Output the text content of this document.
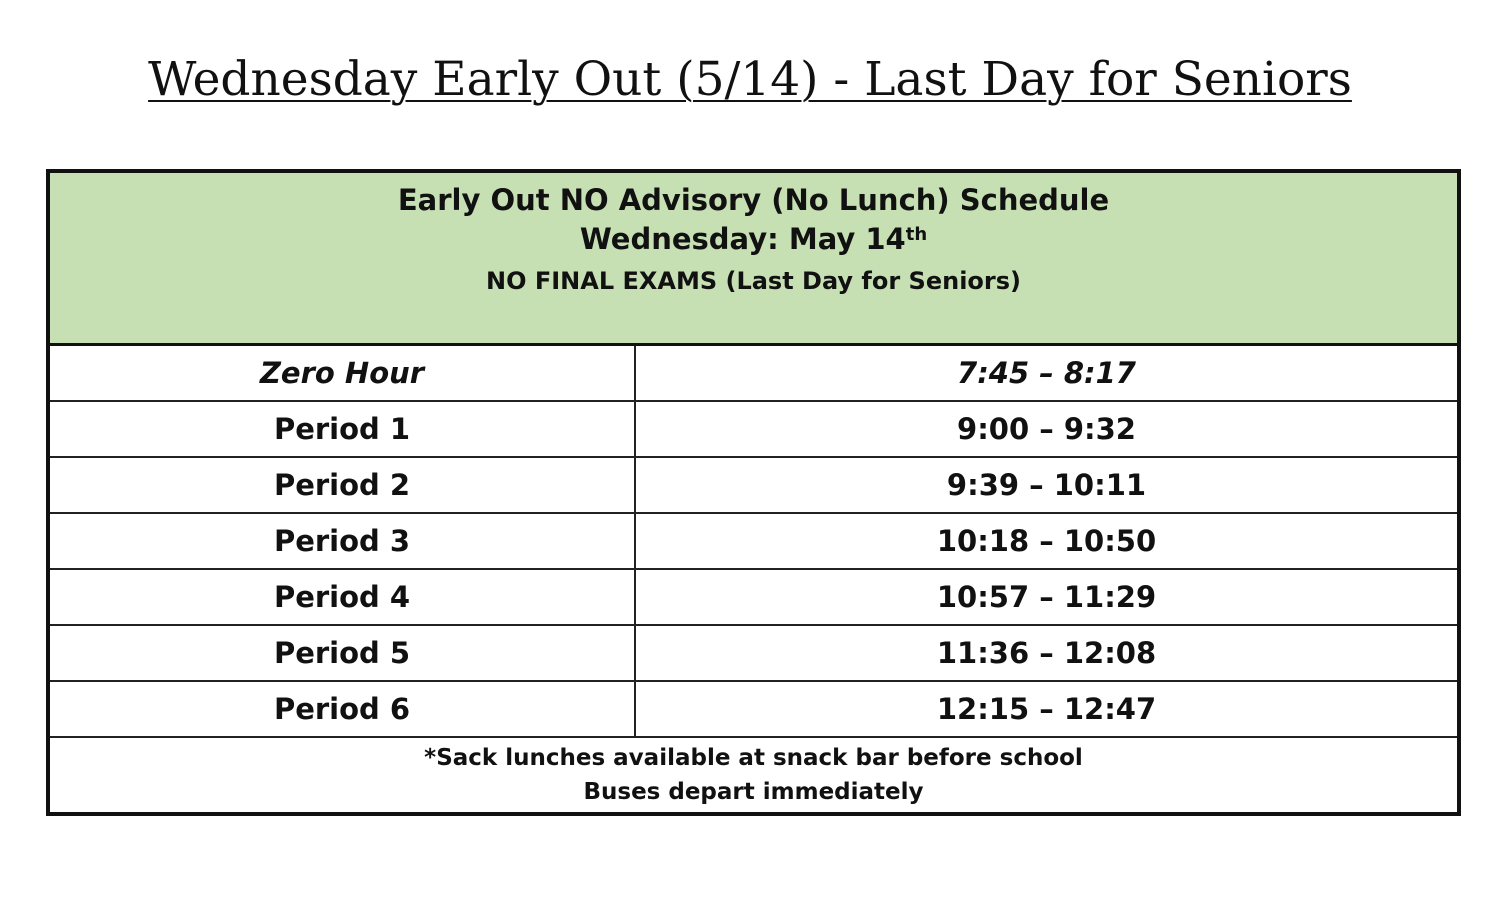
Wednesday Early Out (5/14) - Last Day for Seniors
Early Out NO Advisory (No Lunch) Schedule
Wednesday: May 14th
NO FINAL EXAMS (Last Day for Seniors)	

Zero Hour	7:45 – 8:17
Period 1	9:00 – 9:32
Period 2	9:39 – 10:11
Period 3	10:18 – 10:50
Period 4	10:57 – 11:29
Period 5	11:36 – 12:08
Period 6	12:15 – 12:47

*Sack lunches available at snack bar before school
Buses depart immediately	
